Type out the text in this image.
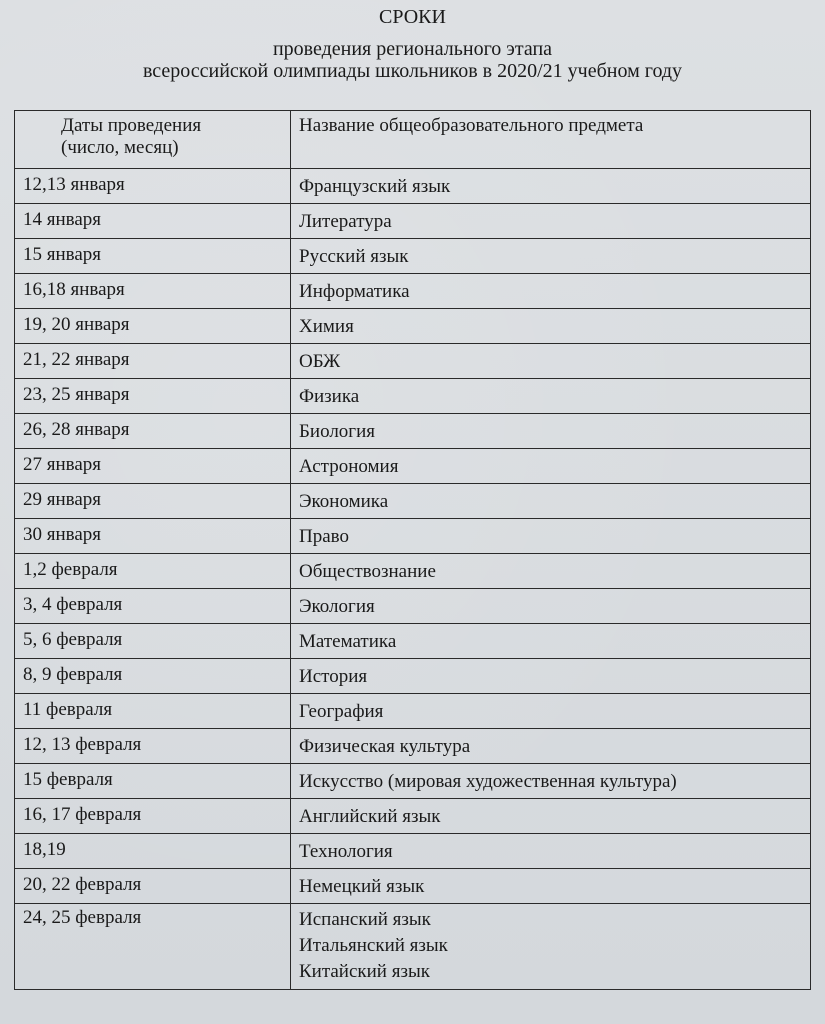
СРОКИ
проведения регионального этапа
всероссийской олимпиады школьников в 2020/21 учебном году
Даты проведения
(число, месяц)	Название общеобразовательного предмета
12,13 января	Французский язык

14 января	Литература

15 января	Русский язык

16,18 января	Информатика

19, 20 января	Химия

21, 22 января	ОБЖ

23, 25 января	Физика

26, 28 января	Биология

27 января	Астрономия

29 января	Экономика

30 января	Право

1,2 февраля	Обществознание

3, 4 февраля	Экология

5, 6 февраля	Математика

8, 9 февраля	История

11 февраля	География

12, 13 февраля	Физическая культура

15 февраля	Искусство (мировая художественная культура)

16, 17 февраля	Английский язык

18,19	Технология

20, 22 февраля	Немецкий язык

24, 25 февраля	Испанский язык
Итальянский язык
Китайский язык
